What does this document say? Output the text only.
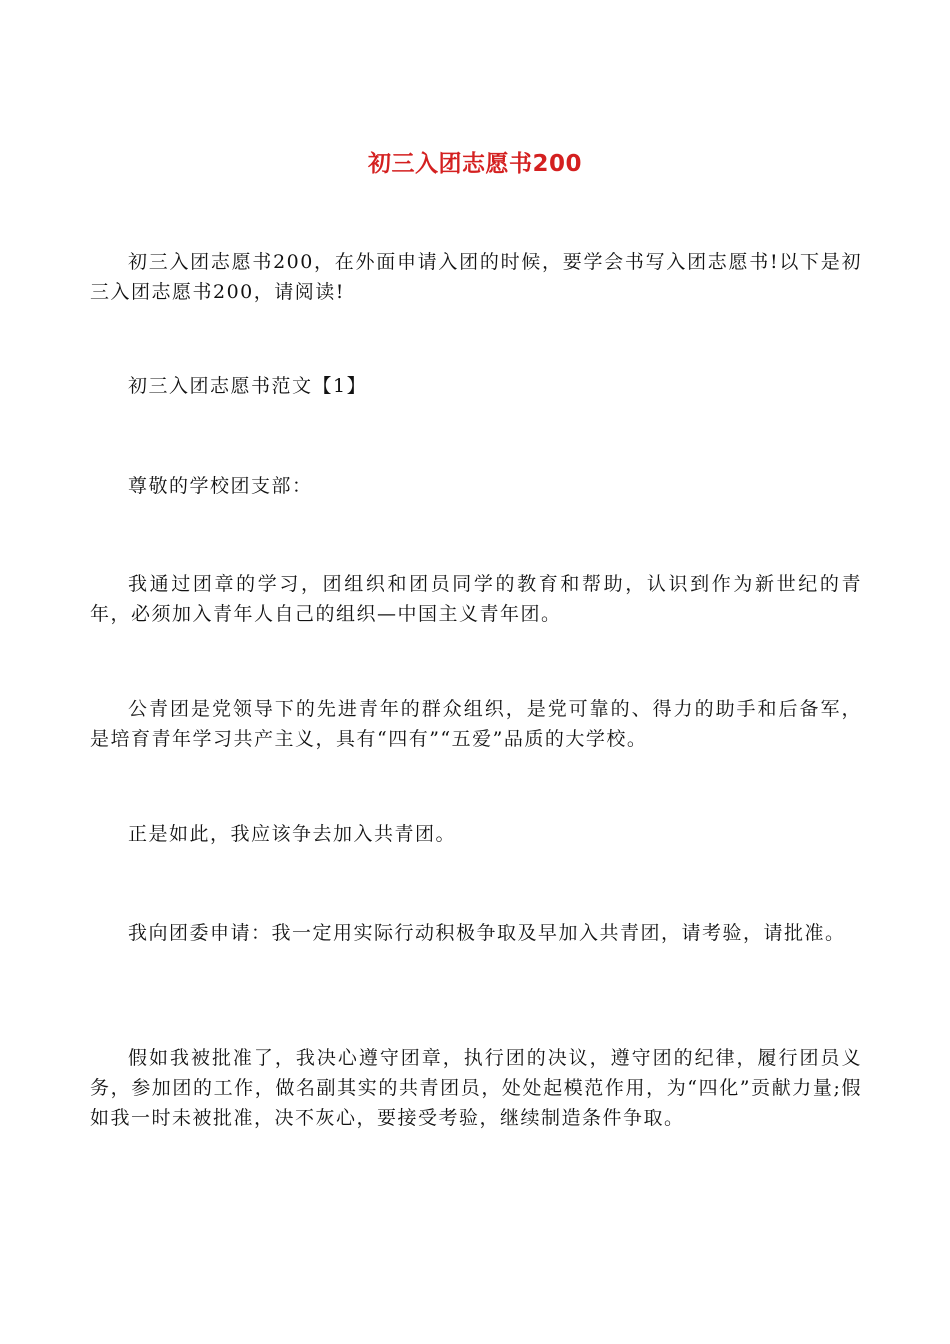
初三入团志愿书200

初三入团志愿书200，在外面申请入团的时候，要学会书写入团志愿书!以下是初三入团志愿书200，请阅读!

初三入团志愿书范文【1】

尊敬的学校团支部：

我通过团章的学习，团组织和团员同学的教育和帮助，认识到作为新世纪的青年，必须加入青年人自己的组织—中国主义青年团。

公青团是党领导下的先进青年的群众组织，是党可靠的、得力的助手和后备军，是培育青年学习共产主义，具有“四有”“五爱”品质的大学校。

正是如此，我应该争去加入共青团。

我向团委申请：我一定用实际行动积极争取及早加入共青团，请考验，请批准。

假如我被批准了，我决心遵守团章，执行团的决议，遵守团的纪律，履行团员义务，参加团的工作，做名副其实的共青团员，处处起模范作用，为“四化”贡献力量;假如我一时未被批准，决不灰心，要接受考验，继续制造条件争取。
